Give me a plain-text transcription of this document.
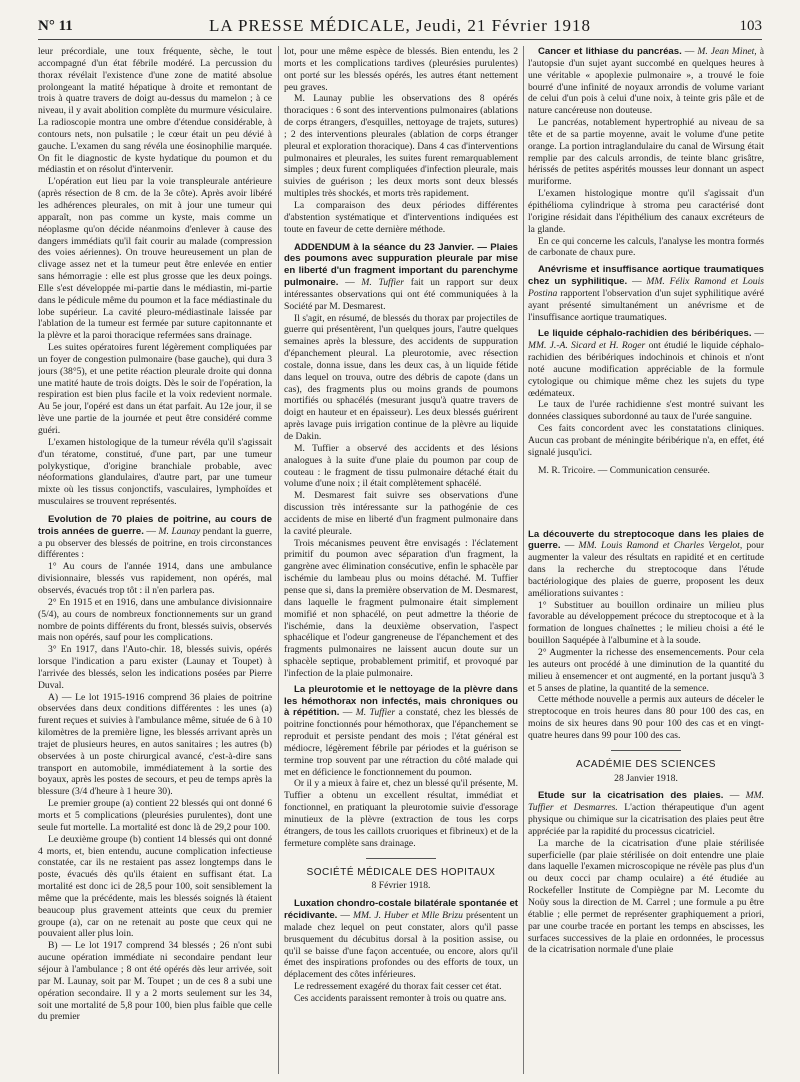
N° 11	LA PRESSE MÉDICALE, Jeudi, 21 Février 1918	103

leur précordiale, une toux fréquente, sèche, le tout accompagné d'un état fébrile modéré. La percussion du thorax révélait l'existence d'une zone de matité absolue prolongeant la matité hépatique à droite et remontant de trois à quatre travers de doigt au-dessus du mamelon ; à ce niveau, il y avait abolition complète du murmure vésiculaire. La radioscopie montra une ombre d'étendue considérable, à contours nets, non pulsatile ; le cœur était un peu dévié à gauche. L'examen du sang révéla une éosinophilie marquée. On fit le diagnostic de kyste hydatique du poumon et du médiastin et on résolut d'intervenir.

L'opération eut lieu par la voie transpleurale antérieure (après résection de 8 cm. de la 3e côte). Après avoir libéré les adhérences pleurales, on mit à jour une tumeur qui apparaît, non pas comme un kyste, mais comme un néoplasme qu'on décide néanmoins d'enlever à cause des dangers immédiats qu'il fait courir au malade (compression des voies aériennes). On trouve heureusement un plan de clivage assez net et la tumeur peut être enlevée en entier sans hémorragie : elle est plus grosse que les deux poings. Elle s'est développée mi-partie dans le médiastin, mi-partie dans le pédicule même du poumon et la face médiastinale du lobe supérieur. La cavité pleuro-médiastinale laissée par l'ablation de la tumeur est fermée par suture capitonnante et la plèvre et la paroi thoracique refermées sans drainage.

Les suites opératoires furent légèrement compliquées par un foyer de congestion pulmonaire (base gauche), qui dura 3 jours (38°5), et une petite réaction pleurale droite qui donna une matité haute de trois doigts. Dès le soir de l'opération, la respiration est bien plus facile et la voix redevient normale. Au 5e jour, l'opéré est dans un état parfait. Au 12e jour, il se lève une partie de la journée et peut être considéré comme guéri.

L'examen histologique de la tumeur révéla qu'il s'agissait d'un tératome, constitué, d'une part, par une tumeur polykystique, d'origine branchiale probable, avec néoformations glandulaires, d'autre part, par une tumeur mixte où les tissus conjonctifs, vasculaires, lymphoïdes et musculaires se trouvent représentés.

Evolution de 70 plaies de poitrine, au cours de trois années de guerre. — M. Launay pendant la guerre, a pu observer des blessés de poitrine, en trois circonstances différentes :

1° Au cours de l'année 1914, dans une ambulance divisionnaire, blessés vus rapidement, non opérés, mal observés, évacués trop tôt : il n'en parlera pas.

2° En 1915 et en 1916, dans une ambulance divisionnaire (5/4), au cours de nombreux fonctionnements sur un grand nombre de points différents du front, blessés suivis, observés mais non opérés, sauf pour les complications.

3° En 1917, dans l'Auto-chir. 18, blessés suivis, opérés lorsque l'indication a paru exister (Launay et Toupet) à l'arrivée des blessés, selon les indications posées par Pierre Duval.

A) — Le lot 1915-1916 comprend 36 plaies de poitrine observées dans deux conditions différentes : les unes (a) furent reçues et suivies à l'ambulance même, située de 6 à 10 kilomètres de la première ligne, les blessés arrivant après un trajet de plusieurs heures, en autos sanitaires ; les autres (b) observées à un poste chirurgical avancé, c'est-à-dire sans transport en automobile, immédiatement à la sortie des boyaux, après les postes de secours, et peu de temps après la blessure (3/4 d'heure à 1 heure 30).

Le premier groupe (a) contient 22 blessés qui ont donné 6 morts et 5 complications (pleurésies purulentes), dont une seule fut mortelle. La mortalité est donc là de 29,2 pour 100.

Le deuxième groupe (b) contient 14 blessés qui ont donné 4 morts, et, bien entendu, aucune complication infectieuse constatée, car ils ne restaient pas assez longtemps dans le poste, évacués dès qu'ils étaient en suffisant état. La mortalité est donc ici de 28,5 pour 100, soit sensiblement la même que la précédente, mais les blessés soignés là étaient beaucoup plus gravement atteints que ceux du premier groupe (a), car on ne retenait au poste que ceux qui ne pouvaient aller plus loin.

B) — Le lot 1917 comprend 34 blessés ; 26 n'ont subi aucune opération immédiate ni secondaire pendant leur séjour à l'ambulance ; 8 ont été opérés dès leur arrivée, soit par M. Launay, soit par M. Toupet ; un de ces 8 a subi une opération secondaire. Il y a 2 morts seulement sur les 34, soit une mortalité de 5,8 pour 100, bien plus faible que celle du premier

lot, pour une même espèce de blessés. Bien entendu, les 2 morts et les complications tardives (pleurésies purulentes) ont porté sur les blessés opérés, les autres étant nettement peu graves.

M. Launay publie les observations des 8 opérés thoraciques : 6 sont des interventions pulmonaires (ablations de corps étrangers, d'esquilles, nettoyage de trajets, sutures) ; 2 des interventions pleurales (ablation de corps étranger pleural et exploration thoracique). Dans 4 cas d'interventions pulmonaires et pleurales, les suites furent remarquablement simples ; deux furent compliquées d'infection pleurale, mais suivies de guérison ; les deux morts sont deux blessés multiples très shockés, et morts très rapidement.

La comparaison des deux périodes différentes d'abstention systématique et d'interventions indiquées est toute en faveur de cette dernière méthode.

ADDENDUM à la séance du 23 Janvier. — Plaies des poumons avec suppuration pleurale par mise en liberté d'un fragment important du parenchyme pulmonaire. — M. Tuffier fait un rapport sur deux intéressantes observations qui ont été communiquées à la Société par M. Desmarest.

Il s'agit, en résumé, de blessés du thorax par projectiles de guerre qui présentèrent, l'un quelques jours, l'autre quelques semaines après la blessure, des accidents de suppuration d'épanchement pleural. La pleurotomie, avec résection costale, donna issue, dans les deux cas, à un liquide fétide dans lequel on trouva, outre des débris de capote (dans un cas), des fragments plus ou moins grands de poumons mortifiés ou sphacélés (mesurant jusqu'à quatre travers de doigt en hauteur et en épaisseur). Les deux blessés guérirent après lavage puis irrigation continue de la plèvre au liquide de Dakin.

M. Tuffier a observé des accidents et des lésions analogues à la suite d'une plaie du poumon par coup de couteau : le fragment de tissu pulmonaire détaché était du volume d'une noix ; il était complètement sphacélé.

M. Desmarest fait suivre ses observations d'une discussion très intéressante sur la pathogénie de ces accidents de mise en liberté d'un fragment pulmonaire dans la cavité pleurale.

Trois mécanismes peuvent être envisagés : l'éclatement primitif du poumon avec séparation d'un fragment, la gangrène avec élimination consécutive, enfin le sphacèle par ischémie du lambeau plus ou moins détaché. M. Tuffier pense que si, dans la première observation de M. Desmarest, dans laquelle le fragment pulmonaire était simplement momifié et non sphacélé, on peut admettre la théorie de l'ischémie, dans la deuxième observation, l'aspect sphacélique et l'odeur gangreneuse de l'épanchement et des fragments pulmonaires ne laissent aucun doute sur un sphacèle septique, probablement primitif, et provoqué par l'infection de la plaie pulmonaire.

La pleurotomie et le nettoyage de la plèvre dans les hémothorax non infectés, mais chroniques ou à répétition. — M. Tuffier a constaté, chez les blessés de poitrine fonctionnés pour hémothorax, que l'épanchement se reproduit et persiste pendant des mois ; l'état général est médiocre, légèrement fébrile par périodes et la guérison se termine trop souvent par une rétraction du côté malade qui met en déficience le fonctionnement du poumon.

Or il y a mieux à faire et, chez un blessé qu'il présente, M. Tuffier a obtenu un excellent résultat, immédiat et fonctionnel, en pratiquant la pleurotomie suivie d'essorage minutieux de la plèvre (extraction de tous les corps étrangers, de tous les caillots cruoriques et fibrineux) et de la fermeture complète sans drainage.

SOCIÉTÉ MÉDICALE DES HOPITAUX
8 Février 1918.

Luxation chondro-costale bilatérale spontanée et récidivante. — MM. J. Huber et Mlle Brizu présentent un malade chez lequel on peut constater, alors qu'il passe brusquement du décubitus dorsal à la position assise, ou qu'il se baisse d'une façon accentuée, ou encore, alors qu'il émet des inspirations profondes ou des efforts de toux, un déplacement des côtes inférieures.

Le redressement exagéré du thorax fait cesser cet état.

Ces accidents paraissent remonter à trois ou quatre ans.

Cancer et lithiase du pancréas. — M. Jean Minet, à l'autopsie d'un sujet ayant succombé en quelques heures à une véritable « apoplexie pulmonaire », a trouvé le foie bourré d'une infinité de noyaux arrondis de volume variant de celui d'un pois à celui d'une noix, à teinte gris pâle et de nature cancéreuse non douteuse.

Le pancréas, notablement hypertrophié au niveau de sa tête et de sa partie moyenne, avait le volume d'une petite orange. La portion intraglandulaire du canal de Wirsung était remplie par des calculs arrondis, de teinte blanc grisâtre, hérissés de petites aspérités mousses leur donnant un aspect muriforme.

L'examen histologique montre qu'il s'agissait d'un épithélioma cylindrique à stroma peu caractérisé dont l'origine résidait dans l'épithélium des canaux excréteurs de la glande.

En ce qui concerne les calculs, l'analyse les montra formés de carbonate de chaux pure.

Anévrisme et insuffisance aortique traumatiques chez un syphilitique. — MM. Félix Ramond et Louis Postina rapportent l'observation d'un sujet syphilitique avéré ayant présenté simultanément un anévrisme et de l'insuffisance aortique traumatiques.

Le liquide céphalo-rachidien des béribériques. — MM. J.-A. Sicard et H. Roger ont étudié le liquide céphalo-rachidien des béribériques indochinois et chinois et n'ont noté aucune modification appréciable de la formule cytologique ou chimique même chez les sujets du type œdémateux.

Le taux de l'urée rachidienne s'est montré suivant les données classiques subordonné au taux de l'urée sanguine.

Ces faits concordent avec les constatations cliniques. Aucun cas probant de méningite béribérique n'a, en effet, été signalé jusqu'ici.

M. R. Tricoire. — Communication censurée.

La découverte du streptocoque dans les plaies de guerre. — MM. Louis Ramond et Charles Vergelot, pour augmenter la valeur des résultats en rapidité et en certitude dans la recherche du streptocoque dans l'étude bactériologique des plaies de guerre, proposent les deux améliorations suivantes :

1° Substituer au bouillon ordinaire un milieu plus favorable au développement précoce du streptocoque et à la formation de longues chaînettes ; le milieu choisi a été le bouillon Saquépée à l'albumine et à la soude.

2° Augmenter la richesse des ensemencements. Pour cela les auteurs ont procédé à une diminution de la quantité du milieu à ensemencer et ont augmenté, en la portant jusqu'à 3 et 5 anses de platine, la quantité de la semence.

Cette méthode nouvelle a permis aux auteurs de déceler le streptocoque en trois heures dans 80 pour 100 des cas, en moins de six heures dans 90 pour 100 des cas et en vingt-quatre heures dans 99 pour 100 des cas.

ACADÉMIE DES SCIENCES
28 Janvier 1918.

Etude sur la cicatrisation des plaies. — MM. Tuffier et Desmarres. L'action thérapeutique d'un agent physique ou chimique sur la cicatrisation des plaies peut être appréciée par la rapidité du processus cicatriciel.

La marche de la cicatrisation d'une plaie stérilisée superficielle (par plaie stérilisée on doit entendre une plaie dans laquelle l'examen microscopique ne révèle pas plus d'un ou deux cocci par champ oculaire) a été étudiée au Rockefeller Institute de Compiègne par M. Lecomte du Noüy sous la direction de M. Carrel ; une formule a pu être établie ; elle permet de représenter graphiquement a priori, par une courbe tracée en portant les temps en abscisses, les surfaces successives de la plaie en ordonnées, le processus de la cicatrisation normale d'une plaie
